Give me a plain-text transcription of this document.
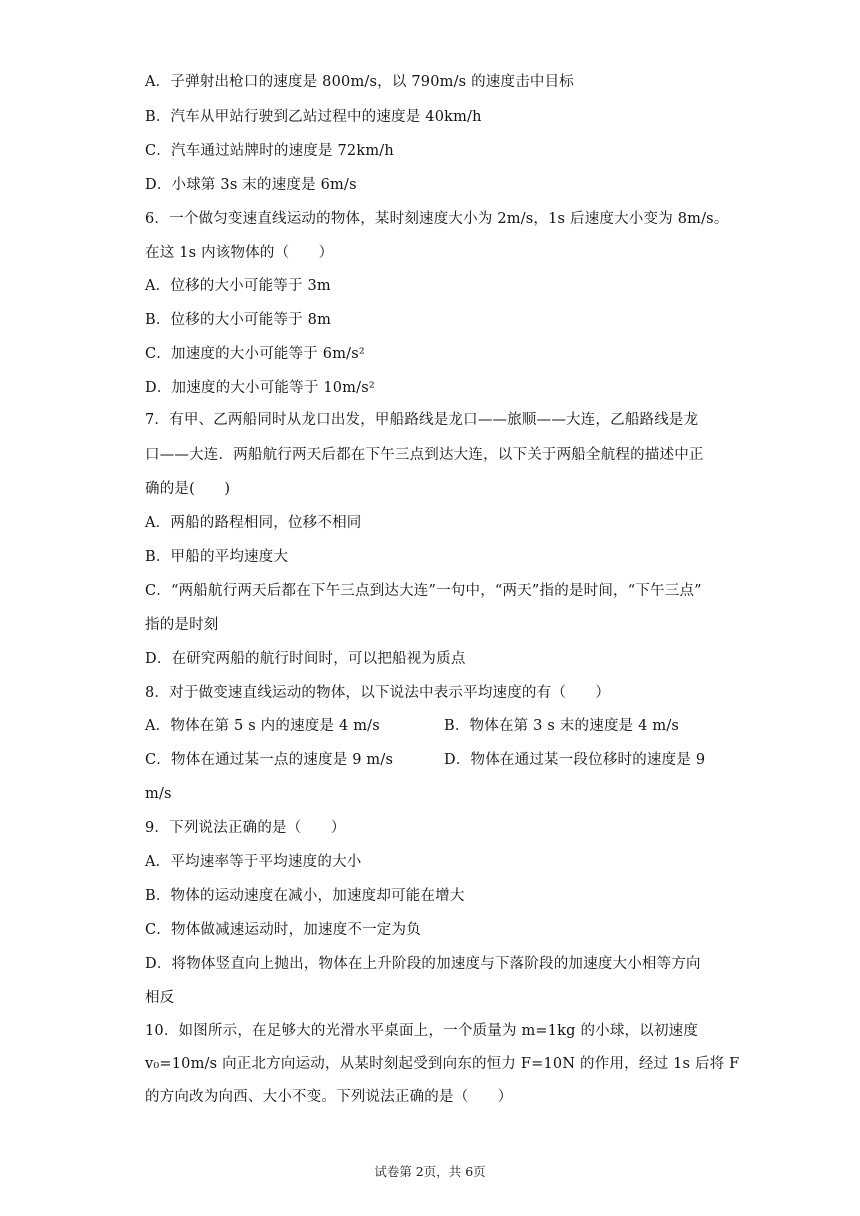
A．子弹射出枪口的速度是 800m/s，以 790m/s 的速度击中目标
B．汽车从甲站行驶到乙站过程中的速度是 40km/h
C．汽车通过站牌时的速度是 72km/h
D．小球第 3s 末的速度是 6m/s
6．一个做匀变速直线运动的物体，某时刻速度大小为 2m/s，1s 后速度大小变为 8m/s。
在这 1s 内该物体的（　　）
A．位移的大小可能等于 3m
B．位移的大小可能等于 8m
C．加速度的大小可能等于 6m/s²
D．加速度的大小可能等于 10m/s²
7．有甲、乙两船同时从龙口出发，甲船路线是龙口——旅顺——大连，乙船路线是龙
口——大连．两船航行两天后都在下午三点到达大连，以下关于两船全航程的描述中正
确的是(　　)
A．两船的路程相同，位移不相同
B．甲船的平均速度大
C．“两船航行两天后都在下午三点到达大连”一句中，“两天”指的是时间，“下午三点”
指的是时刻
D．在研究两船的航行时间时，可以把船视为质点
8．对于做变速直线运动的物体，以下说法中表示平均速度的有（　　）
A．物体在第 5 s 内的速度是 4 m/s	B．物体在第 3 s 末的速度是 4 m/s
C．物体在通过某一点的速度是 9 m/s	D．物体在通过某一段位移时的速度是 9
m/s
9．下列说法正确的是（　　）
A．平均速率等于平均速度的大小
B．物体的运动速度在减小，加速度却可能在增大
C．物体做减速运动时，加速度不一定为负
D．将物体竖直向上抛出，物体在上升阶段的加速度与下落阶段的加速度大小相等方向
相反
10．如图所示，在足够大的光滑水平桌面上，一个质量为 m=1kg 的小球，以初速度
v₀=10m/s 向正北方向运动，从某时刻起受到向东的恒力 F=10N 的作用，经过 1s 后将 F
的方向改为向西、大小不变。下列说法正确的是（　　）
试卷第 2页，共 6页
